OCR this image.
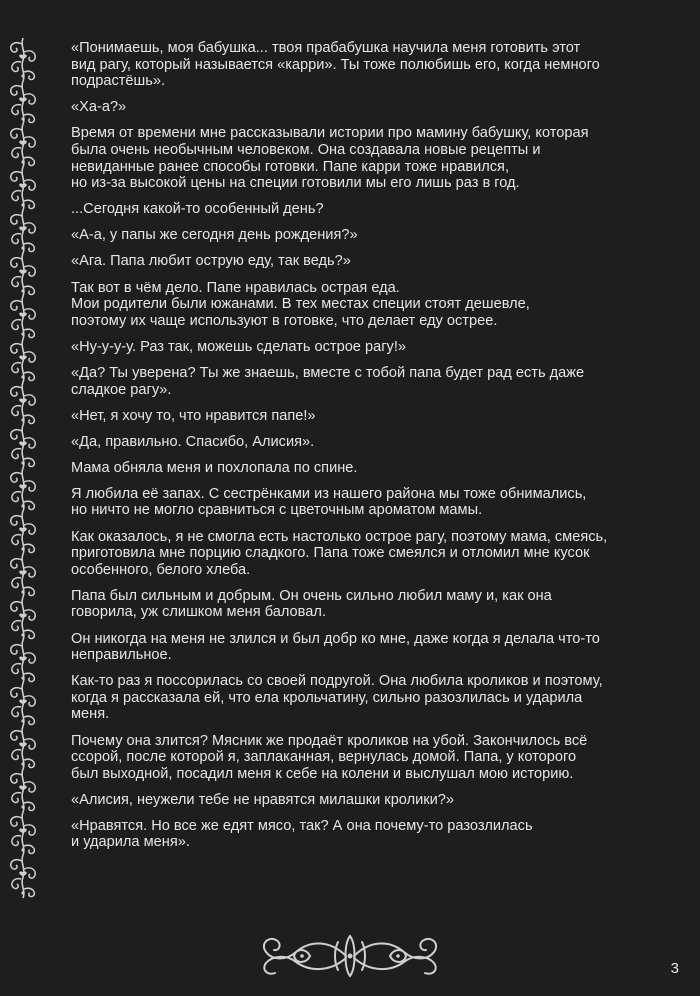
«Понимаешь, моя бабушка... твоя прабабушка научила меня готовить этот
вид рагу, который называется «карри». Ты тоже полюбишь его, когда немного
подрастёшь».

«Ха-а?»

Время от времени мне рассказывали истории про мамину бабушку, которая
была очень необычным человеком. Она создавала новые рецепты и
невиданные ранее способы готовки. Папе карри тоже нравился,
но из-за высокой цены на специи готовили мы его лишь раз в год.

...Сегодня какой-то особенный день?

«А-а, у папы же сегодня день рождения?»

«Ага. Папа любит острую еду, так ведь?»

Так вот в чём дело. Папе нравилась острая еда.
Мои родители были южанами. В тех местах специи стоят дешевле,
поэтому их чаще используют в готовке, что делает еду острее.

«Ну-у-у-у. Раз так, можешь сделать острое рагу!»

«Да? Ты уверена? Ты же знаешь, вместе с тобой папа будет рад есть даже
сладкое рагу».

«Нет, я хочу то, что нравится папе!»

«Да, правильно. Спасибо, Алисия».

Мама обняла меня и похлопала по спине.

Я любила её запах. С сестрёнками из нашего района мы тоже обнимались,
но ничто не могло сравниться с цветочным ароматом мамы.

Как оказалось, я не смогла есть настолько острое рагу, поэтому мама, смеясь,
приготовила мне порцию сладкого. Папа тоже смеялся и отломил мне кусок
особенного, белого хлеба.

Папа был сильным и добрым. Он очень сильно любил маму и, как она
говорила, уж слишком меня баловал.

Он никогда на меня не злился и был добр ко мне, даже когда я делала что-то
неправильное.

Как-то раз я поссорилась со своей подругой. Она любила кроликов и поэтому,
когда я рассказала ей, что ела крольчатину, сильно разозлилась и ударила
меня.

Почему она злится? Мясник же продаёт кроликов на убой. Закончилось всё
ссорой, после которой я, заплаканная, вернулась домой. Папа, у которого
был выходной, посадил меня к себе на колени и выслушал мою историю.

«Алисия, неужели тебе не нравятся милашки кролики?»

«Нравятся. Но все же едят мясо, так? А она почему-то разозлилась
и ударила меня».

3
